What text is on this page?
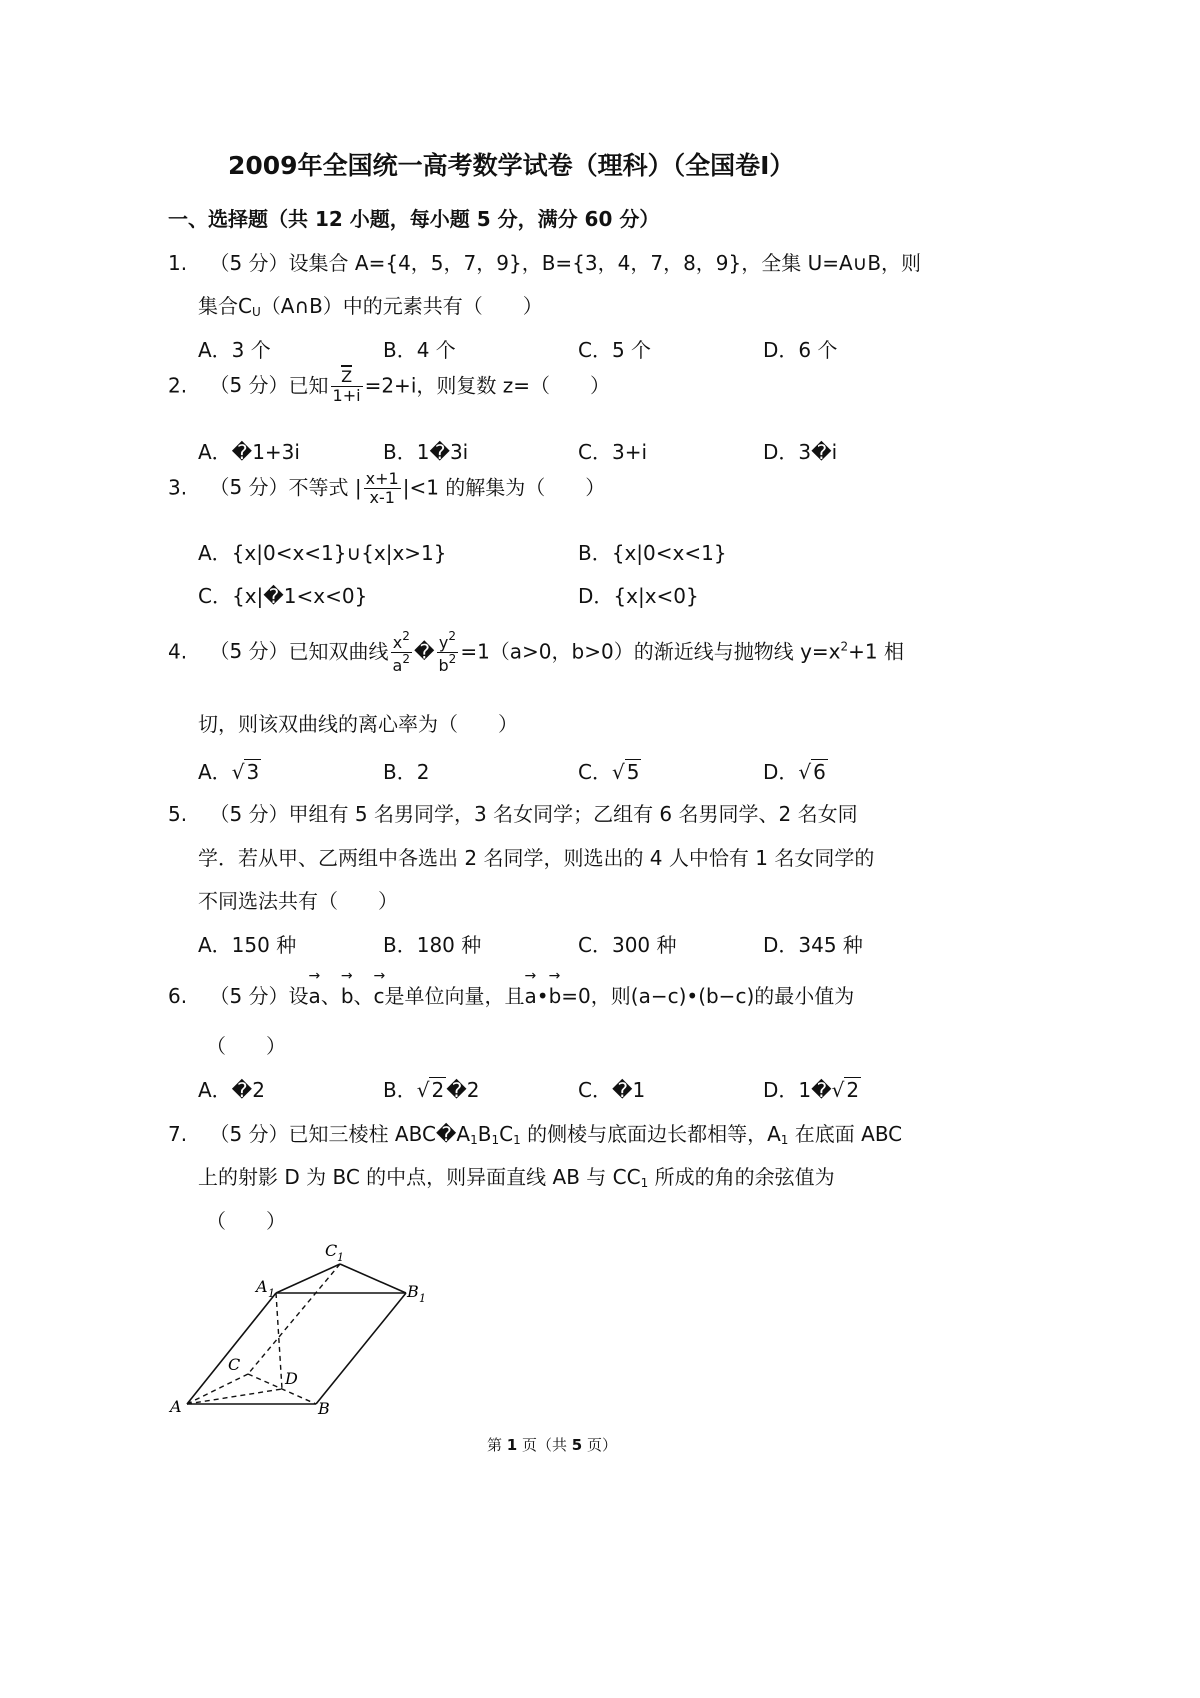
2009年全国统一高考数学试卷（理科）（全国卷Ⅰ）
一、选择题（共 12 小题，每小题 5 分，满分 60 分）
1. （5 分）设集合 A={4，5，7，9}，B={3，4，7，8，9}，全集 U=A∪B，则
集合$C_U(A\cap B)$中的元素共有（　　）
A．3 个	B．4 个	C．5 个	D．6 个
2. （5 分）已知 $\frac{Z}{1+i} =2+i$，则复数 z=（　　）
A．�1+3i	B．1�3i	C．3+i	D．3�i
3. （5 分）不等式 | $\frac{x+1}{x-1} |<1$ 的解集为（　　）
A．{x|0<x<1}∪{x|x>1}	B．{x|0<x<1}
C．{x|�1<x<0}	D．{x|x<0}
4. （5 分）已知双曲线 $\frac{x^2}{a^2}$ � $\frac{y^2}{b^2} =1(a>0$，b>0）的渐近线与抛物线 $y=x^2+1$ 相
切，则该双曲线的离心率为（　　）
A．√ 3	B．2	C．√ 5	D．√ 6
5. （5 分）甲组有 5 名男同学，3 名女同学；乙组有 6 名男同学、2 名女同
学．若从甲、乙两组中各选出 2 名同学，则选出的 4 人中恰有 1 名女同学的
不同选法共有（　　）
A．150 种	B．180 种	C．300 种	D．345 种
6. （5 分）设→ a、→ b、→ c是单位向量，且→ a•→ b=0，则(a−c)•(b−c)的最小值为
（　　）
A．�2	B．√ 2 �2	C．�1	D．1�√ 2
7. （5 分）已知三棱柱 $ABC�A_1B_1C_1$ 的侧棱与底面边长都相等，$A_1$ 在底面 ABC
上的射影 D 为 BC 的中点，则异面直线 AB 与 $CC_1$ 所成的角的余弦值为
（　　）
A	B
C
D
A 1	B 1
C 1
第 1 页（共 5 页）
